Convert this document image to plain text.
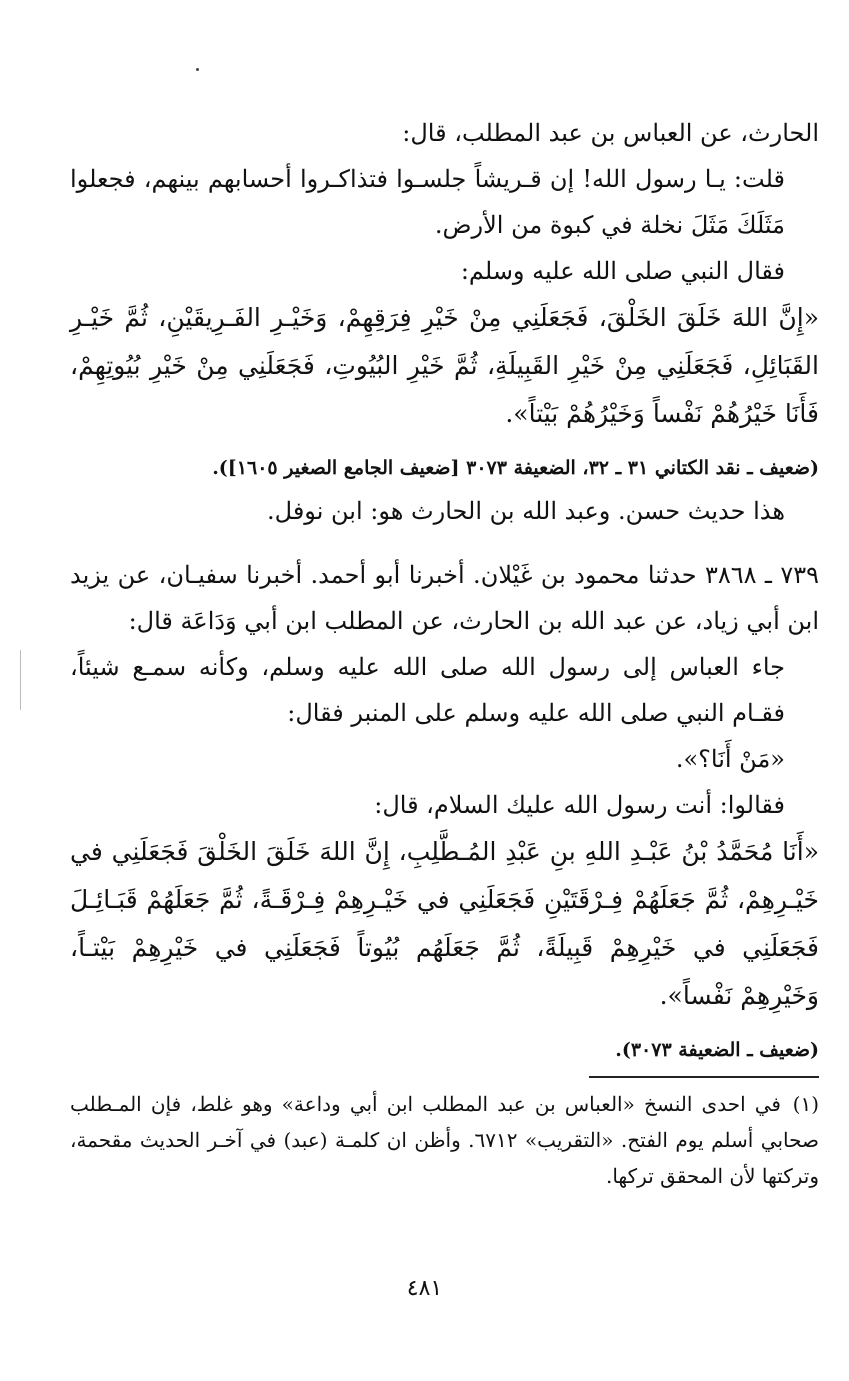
الحارث، عن العباس بن عبد المطلب، قال:
قلت: يـا رسول الله! إن قـريشاً جلسـوا فتذاكـروا أحسابهم بينهم، فجعلوا مَثَلَكَ مَثَلَ نخلة في كبوة من الأرض.
فقال النبي صلى الله عليه وسلم:
«إِنَّ اللهَ خَلَقَ الخَلْقَ، فَجَعَلَنِي مِنْ خَيْرِ فِرَقِهِمْ، وَخَيْـرِ الفَـرِيقَيْنِ، ثُمَّ خَيْـرِ القَبَائِلِ، فَجَعَلَنِي مِنْ خَيْرِ القَبِيلَةِ، ثُمَّ خَيْرِ البُيُوتِ، فَجَعَلَنِي مِنْ خَيْرِ بُيُوتِهِمْ، فَأَنَا خَيْرُهُمْ نَفْساً وَخَيْرُهُمْ بَيْتاً».
(ضعيف ـ نقد الكتاني ٣١ ـ ٣٢، الضعيفة ٣٠٧٣ [ضعيف الجامع الصغير ١٦٠٥]).
هذا حديث حسن. وعبد الله بن الحارث هو: ابن نوفل.
٧٣٩ ـ ٣٨٦٨ حدثنا محمود بن غَيْلان. أخبرنا أبو أحمد. أخبرنا سفيـان، عن يزيد ابن أبي زياد، عن عبد الله بن الحارث، عن المطلب ابن أبي وَدَاعَة قال:
جاء العباس إلى رسول الله صلى الله عليه وسلم، وكأنه سمـع شيئاً، فقـام النبي صلى الله عليه وسلم على المنبر فقال:
«مَنْ أَنَا؟».
فقالوا: أنت رسول الله عليك السلام، قال:
«أَنَا مُحَمَّدُ بْنُ عَبْـدِ اللهِ بنِ عَبْدِ المُـطَّلِبِ، إِنَّ اللهَ خَلَقَ الخَلْقَ فَجَعَلَنِي في خَيْـرِهِمْ، ثُمَّ جَعَلَهُمْ فِـرْقَتَيْنِ فَجَعَلَنِي في خَيْـرِهِمْ فِـرْقَـةً، ثُمَّ جَعَلَهُمْ قَبَـائِـلَ فَجَعَلَنِي في خَيْرِهِمْ قَبِيلَةً، ثُمَّ جَعَلَهُم بُيُوتاً فَجَعَلَنِي في خَيْرِهِمْ بَيْتـاً، وَخَيْرِهِمْ نَفْساً».
(ضعيف ـ الضعيفة ٣٠٧٣).
(١)في احدى النسخ «العباس بن عبد المطلب ابن أبي وداعة» وهو غلط، فإن المـطلب صحابي أسلم يوم الفتح. «التقريب» ٦٧١٢. وأظن ان كلمـة (عبد) في آخـر الحديث مقحمة، وتركتها لأن المحقق تركها.
٤٨١
